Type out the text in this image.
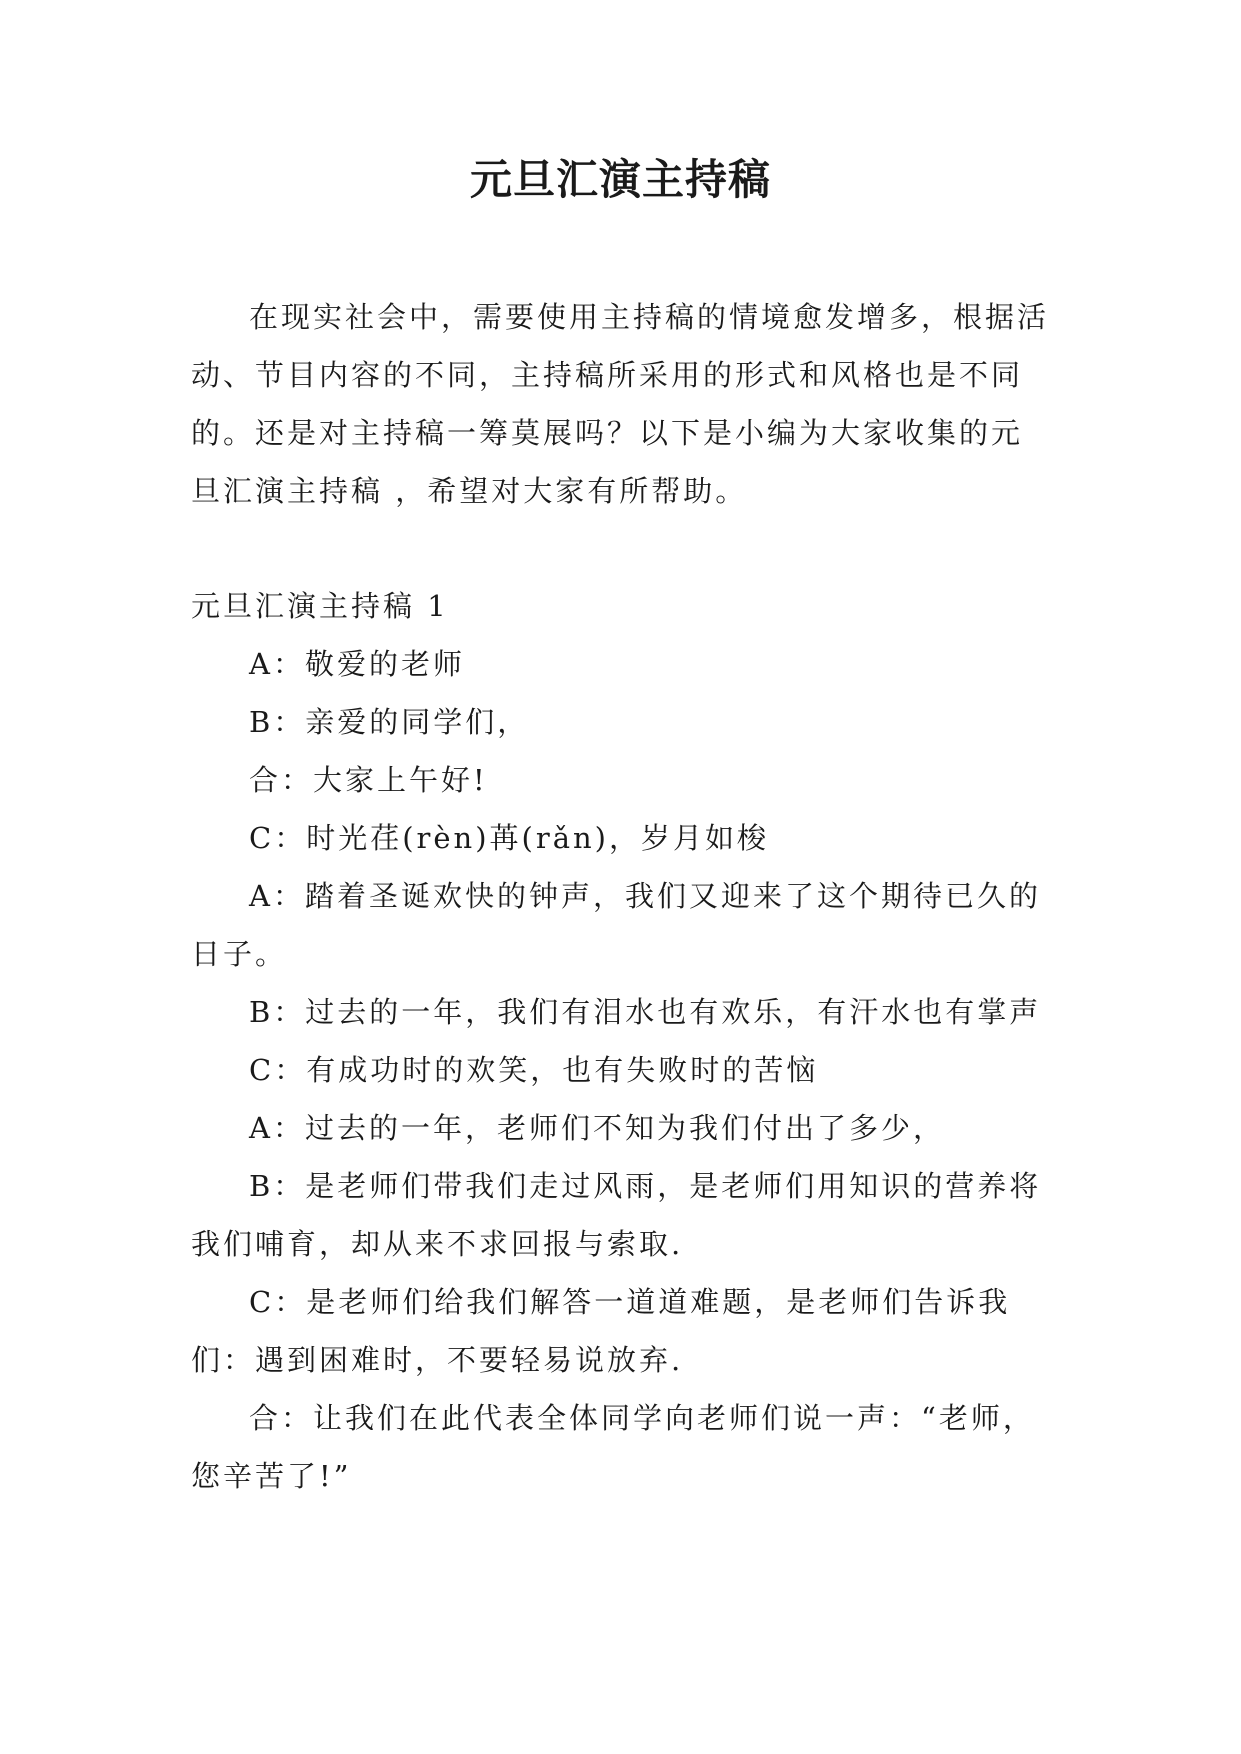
元旦汇演主持稿

在现实社会中，需要使用主持稿的情境愈发增多，根据活动、节目内容的不同，主持稿所采用的形式和风格也是不同的。还是对主持稿一筹莫展吗？以下是小编为大家收集的元旦汇演主持稿 ，希望对大家有所帮助。

元旦汇演主持稿 1

A：敬爱的老师

B：亲爱的同学们，

合：大家上午好!

C：时光荏(rèn)苒(rǎn)，岁月如梭

A：踏着圣诞欢快的钟声，我们又迎来了这个期待已久的日子。

B：过去的一年，我们有泪水也有欢乐，有汗水也有掌声

C：有成功时的欢笑，也有失败时的苦恼

A：过去的一年，老师们不知为我们付出了多少，

B：是老师们带我们走过风雨，是老师们用知识的营养将我们哺育，却从来不求回报与索取.

C：是老师们给我们解答一道道难题，是老师们告诉我们：遇到困难时，不要轻易说放弃.

合：让我们在此代表全体同学向老师们说一声：“老师，您辛苦了!”
